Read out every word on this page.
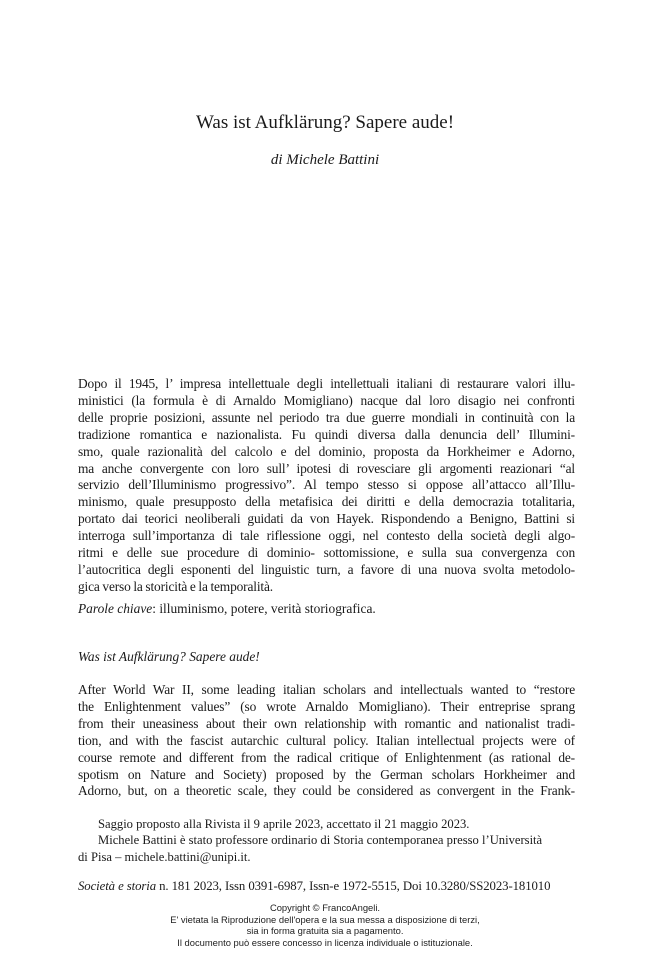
Was ist Aufklärung? Sapere aude!
di Michele Battini
Dopo il 1945, l’ impresa intellettuale degli intellettuali italiani di restaurare valori illu-
ministici (la formula è di Arnaldo Momigliano) nacque dal loro disagio nei confronti
delle proprie posizioni, assunte nel periodo tra due guerre mondiali in continuità con la
tradizione romantica e nazionalista. Fu quindi diversa dalla denuncia dell’ Illumini-
smo, quale razionalità del calcolo e del dominio, proposta da Horkheimer e Adorno,
ma anche convergente con loro sull’ ipotesi di rovesciare gli argomenti reazionari “al
servizio dell’Illuminismo progressivo”. Al tempo stesso si oppose all’attacco all’Illu-
minismo, quale presupposto della metafisica dei diritti e della democrazia totalitaria,
portato dai teorici neoliberali guidati da von Hayek. Rispondendo a Benigno, Battini si
interroga sull’importanza di tale riflessione oggi, nel contesto della società degli algo-
ritmi e delle sue procedure di dominio- sottomissione, e sulla sua convergenza con
l’autocritica degli esponenti del linguistic turn, a favore di una nuova svolta metodolo-
gica verso la storicità e la temporalità.
Parole chiave: illuminismo, potere, verità storiografica.
Was ist Aufklärung? Sapere aude!
After World War II, some leading italian scholars and intellectuals wanted to “restore
the Enlightenment values” (so wrote Arnaldo Momigliano). Their entreprise sprang
from their uneasiness about their own relationship with romantic and nationalist tradi-
tion, and with the fascist autarchic cultural policy. Italian intellectual projects were of
course remote and different from the radical critique of Enlightenment (as rational de-
spotism on Nature and Society) proposed by the German scholars Horkheimer and
Adorno, but, on a theoretic scale, they could be considered as convergent in the Frank-
Saggio proposto alla Rivista il 9 aprile 2023, accettato il 21 maggio 2023.
Michele Battini è stato professore ordinario di Storia contemporanea presso l’Università
di Pisa – michele.battini@unipi.it.
Società e storia n. 181 2023, Issn 0391-6987, Issn-e 1972-5515, Doi 10.3280/SS2023-181010
Copyright © FrancoAngeli.
E' vietata la Riproduzione dell'opera e la sua messa a disposizione di terzi,
sia in forma gratuita sia a pagamento.
Il documento può essere concesso in licenza individuale o istituzionale.
